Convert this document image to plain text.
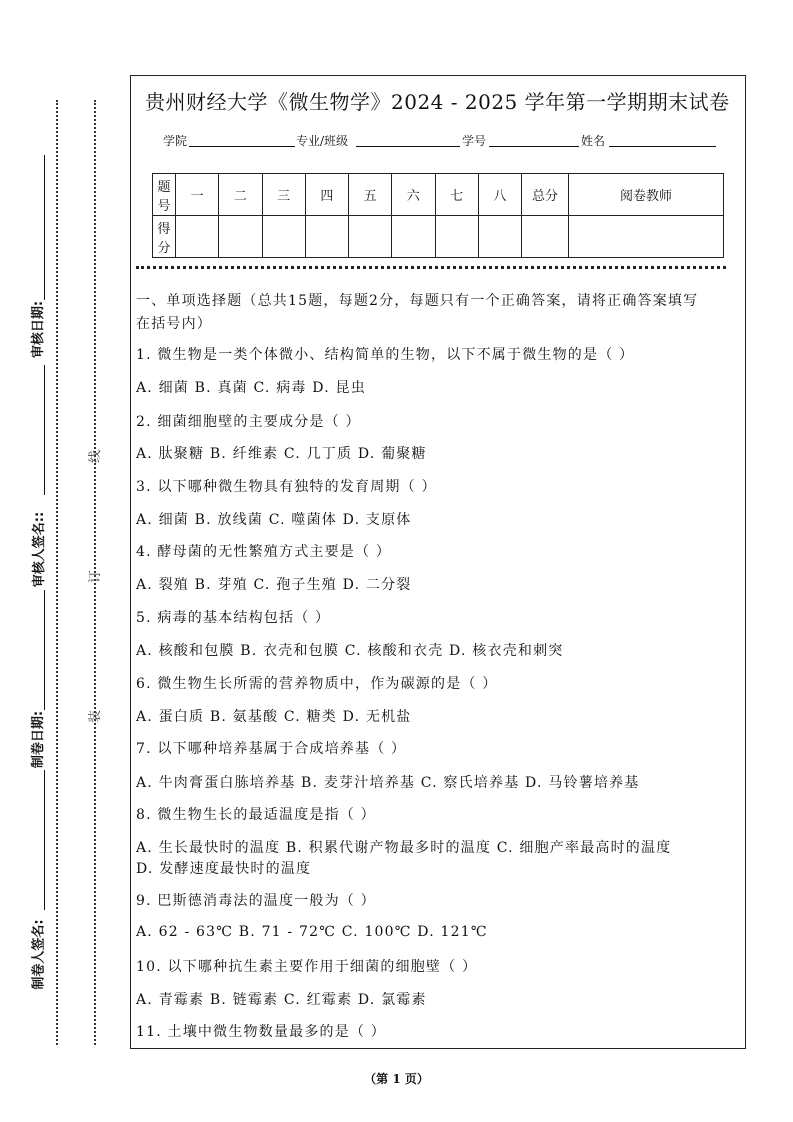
审核日期:
审核人签名::
制卷日期:
制卷人签名:
线
订
装
贵州财经大学《微生物学》2024 - 2025 学年第一学期期末试卷
学院	专业/班级	学号	姓名
题号	一	二	三	四	五	六	七	八	总分	阅卷教师
得分										
一、单项选择题（总共15题，每题2分，每题只有一个正确答案，请将正确答案填写
在括号内）
1. 微生物是一类个体微小、结构简单的生物，以下不属于微生物的是（ ）
A. 细菌 B. 真菌 C. 病毒 D. 昆虫
2. 细菌细胞壁的主要成分是（ ）
A. 肽聚糖 B. 纤维素 C. 几丁质 D. 葡聚糖
3. 以下哪种微生物具有独特的发育周期（ ）
A. 细菌 B. 放线菌 C. 噬菌体 D. 支原体
4. 酵母菌的无性繁殖方式主要是（ ）
A. 裂殖 B. 芽殖 C. 孢子生殖 D. 二分裂
5. 病毒的基本结构包括（ ）
A. 核酸和包膜 B. 衣壳和包膜 C. 核酸和衣壳 D. 核衣壳和刺突
6. 微生物生长所需的营养物质中，作为碳源的是（ ）
A. 蛋白质 B. 氨基酸 C. 糖类 D. 无机盐
7. 以下哪种培养基属于合成培养基（ ）
A. 牛肉膏蛋白胨培养基 B. 麦芽汁培养基 C. 察氏培养基 D. 马铃薯培养基
8. 微生物生长的最适温度是指（ ）
A. 生长最快时的温度 B. 积累代谢产物最多时的温度 C. 细胞产率最高时的温度
D. 发酵速度最快时的温度
9. 巴斯德消毒法的温度一般为（ ）
A. 62 - 63℃ B. 71 - 72℃ C. 100℃ D. 121℃
10. 以下哪种抗生素主要作用于细菌的细胞壁（ ）
A. 青霉素 B. 链霉素 C. 红霉素 D. 氯霉素
11. 土壤中微生物数量最多的是（ ）
（第 1 页）
